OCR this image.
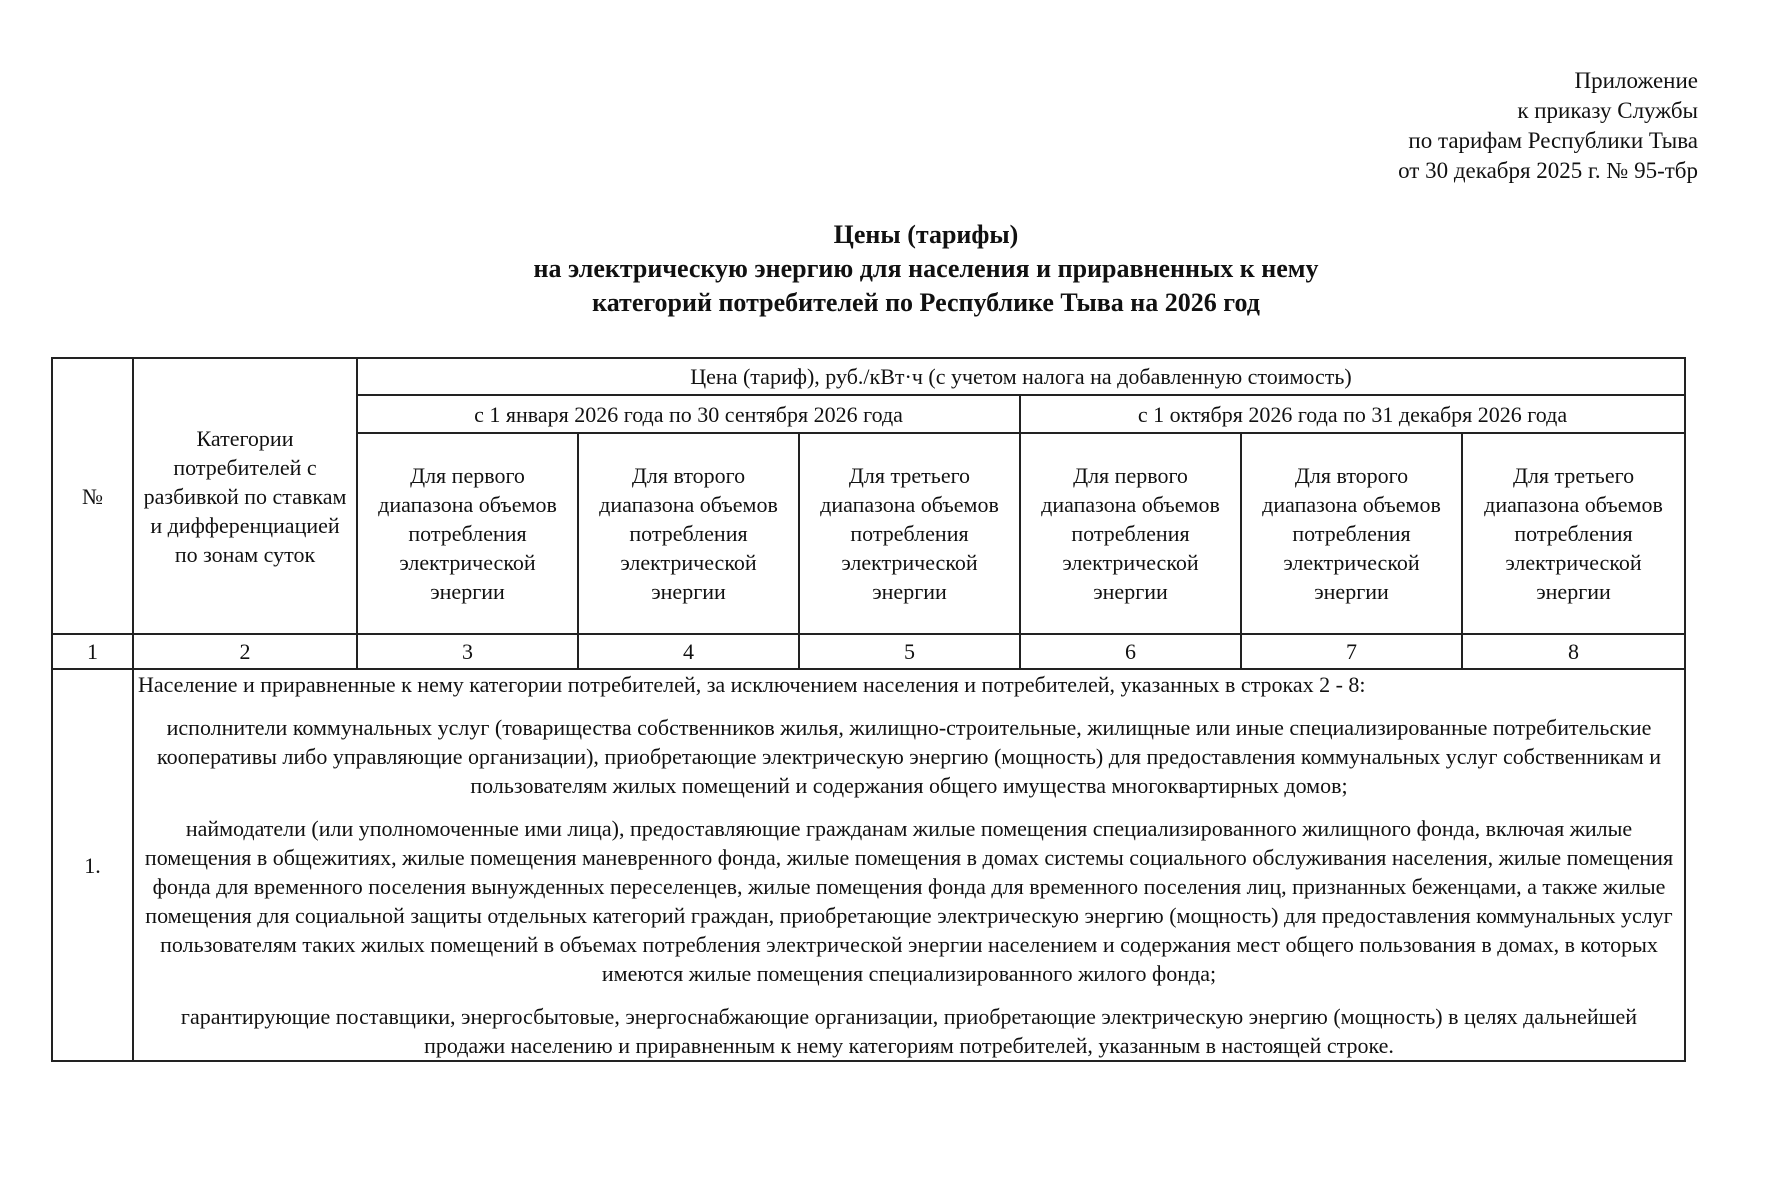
Приложение
к приказу Службы
по тарифам Республики Тыва
от 30 декабря 2025 г. № 95-тбр
Цены (тарифы)
на электрическую энергию для населения и приравненных к нему
категорий потребителей по Республике Тыва на 2026 год
№	Категории потребителей с разбивкой по ставкам и дифференциацией по зонам суток	Цена (тариф), руб./кВт·ч (с учетом налога на добавленную стоимость)					
		с 1 января 2026 года по 30 сентября 2026 года			с 1 октября 2026 года по 31 декабря 2026 года		
		Для первого диапазона объемов потребления электрической энергии	Для второго диапазона объемов потребления электрической энергии	Для третьего диапазона объемов потребления электрической энергии	Для первого диапазона объемов потребления электрической энергии	Для второго диапазона объемов потребления электрической энергии	Для третьего диапазона объемов потребления электрической энергии
1	2	3	4	5	6	7	8
1.	Население и приравненные к нему категории потребителей, за исключением населения и потребителей, указанных в строках 2 - 8:

исполнители коммунальных услуг (товарищества собственников жилья, жилищно-строительные, жилищные или иные специализированные потребительские кооперативы либо управляющие организации), приобретающие электрическую энергию (мощность) для предоставления коммунальных услуг собственникам и пользователям жилых помещений и содержания общего имущества многоквартирных домов;

наймодатели (или уполномоченные ими лица), предоставляющие гражданам жилые помещения специализированного жилищного фонда, включая жилые помещения в общежитиях, жилые помещения маневренного фонда, жилые помещения в домах системы социального обслуживания населения, жилые помещения фонда для временного поселения вынужденных переселенцев, жилые помещения фонда для временного поселения лиц, признанных беженцами, а также жилые помещения для социальной защиты отдельных категорий граждан, приобретающие электрическую энергию (мощность) для предоставления коммунальных услуг пользователям таких жилых помещений в объемах потребления электрической энергии населением и содержания мест общего пользования в домах, в которых имеются жилые помещения специализированного жилого фонда;

гарантирующие поставщики, энергосбытовые, энергоснабжающие организации, приобретающие электрическую энергию (мощность) в целях дальнейшей продажи населению и приравненным к нему категориям потребителей, указанным в настоящей строке.						
